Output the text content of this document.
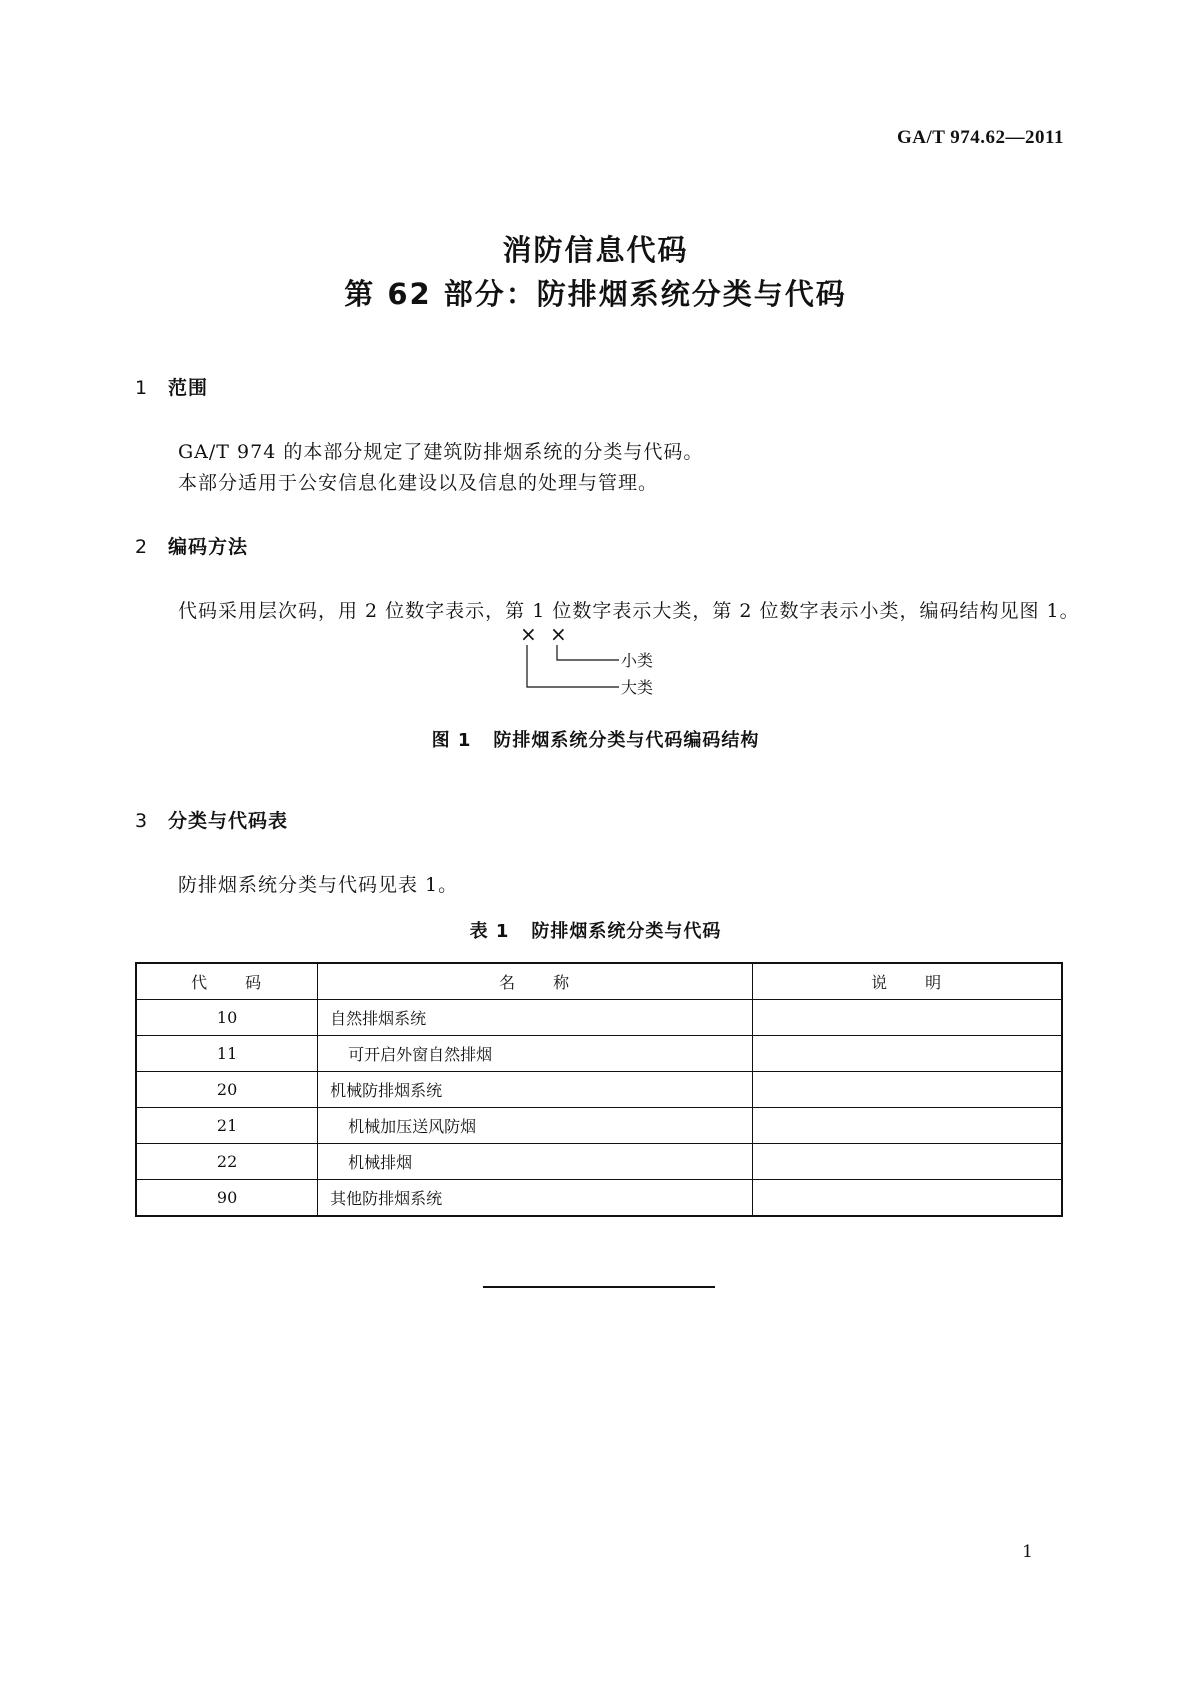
GA/T 974.62—2011
消防信息代码
第 62 部分：防排烟系统分类与代码
1 范围
GA/T 974 的本部分规定了建筑防排烟系统的分类与代码。
本部分适用于公安信息化建设以及信息的处理与管理。
2 编码方法
代码采用层次码，用 2 位数字表示，第 1 位数字表示大类，第 2 位数字表示小类，编码结构见图 1。
× ×
小类
大类
图 1 防排烟系统分类与代码编码结构
3 分类与代码表
防排烟系统分类与代码见表 1。
表 1 防排烟系统分类与代码
代　　码	名　　称	说　　明
10	自然排烟系统	
11	可开启外窗自然排烟	
20	机械防排烟系统	
21	机械加压送风防烟	
22	机械排烟	
90	其他防排烟系统	
1
